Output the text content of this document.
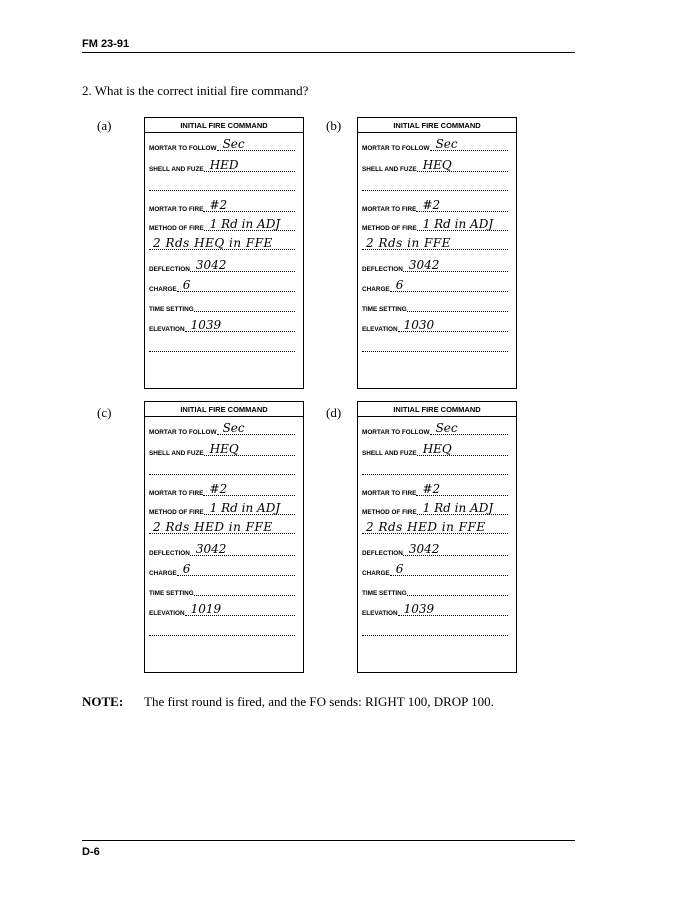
FM 23-91
2. What is the correct initial fire command?
(a)	INITIAL FIRE COMMAND
MORTAR TO FOLLOW Sec
SHELL AND FUZE HED
MORTAR TO FIRE #2
METHOD OF FIRE 1 Rd in ADJ
2 Rds HEQ in FFE
DEFLECTION 3042
CHARGE 6
TIME SETTING
ELEVATION 1039
(b)	INITIAL FIRE COMMAND
MORTAR TO FOLLOW Sec
SHELL AND FUZE HEQ
MORTAR TO FIRE #2
METHOD OF FIRE 1 Rd in ADJ
2 Rds in FFE
DEFLECTION 3042
CHARGE 6
TIME SETTING
ELEVATION 1030
(c)	INITIAL FIRE COMMAND
MORTAR TO FOLLOW Sec
SHELL AND FUZE HEQ
MORTAR TO FIRE #2
METHOD OF FIRE 1 Rd in ADJ
2 Rds HED in FFE
DEFLECTION 3042
CHARGE 6
TIME SETTING
ELEVATION 1019
(d)	INITIAL FIRE COMMAND
MORTAR TO FOLLOW Sec
SHELL AND FUZE HEQ
MORTAR TO FIRE #2
METHOD OF FIRE 1 Rd in ADJ
2 Rds HED in FFE
DEFLECTION 3042
CHARGE 6
TIME SETTING
ELEVATION 1039
NOTE: The first round is fired, and the FO sends: RIGHT 100, DROP 100.
D-6
